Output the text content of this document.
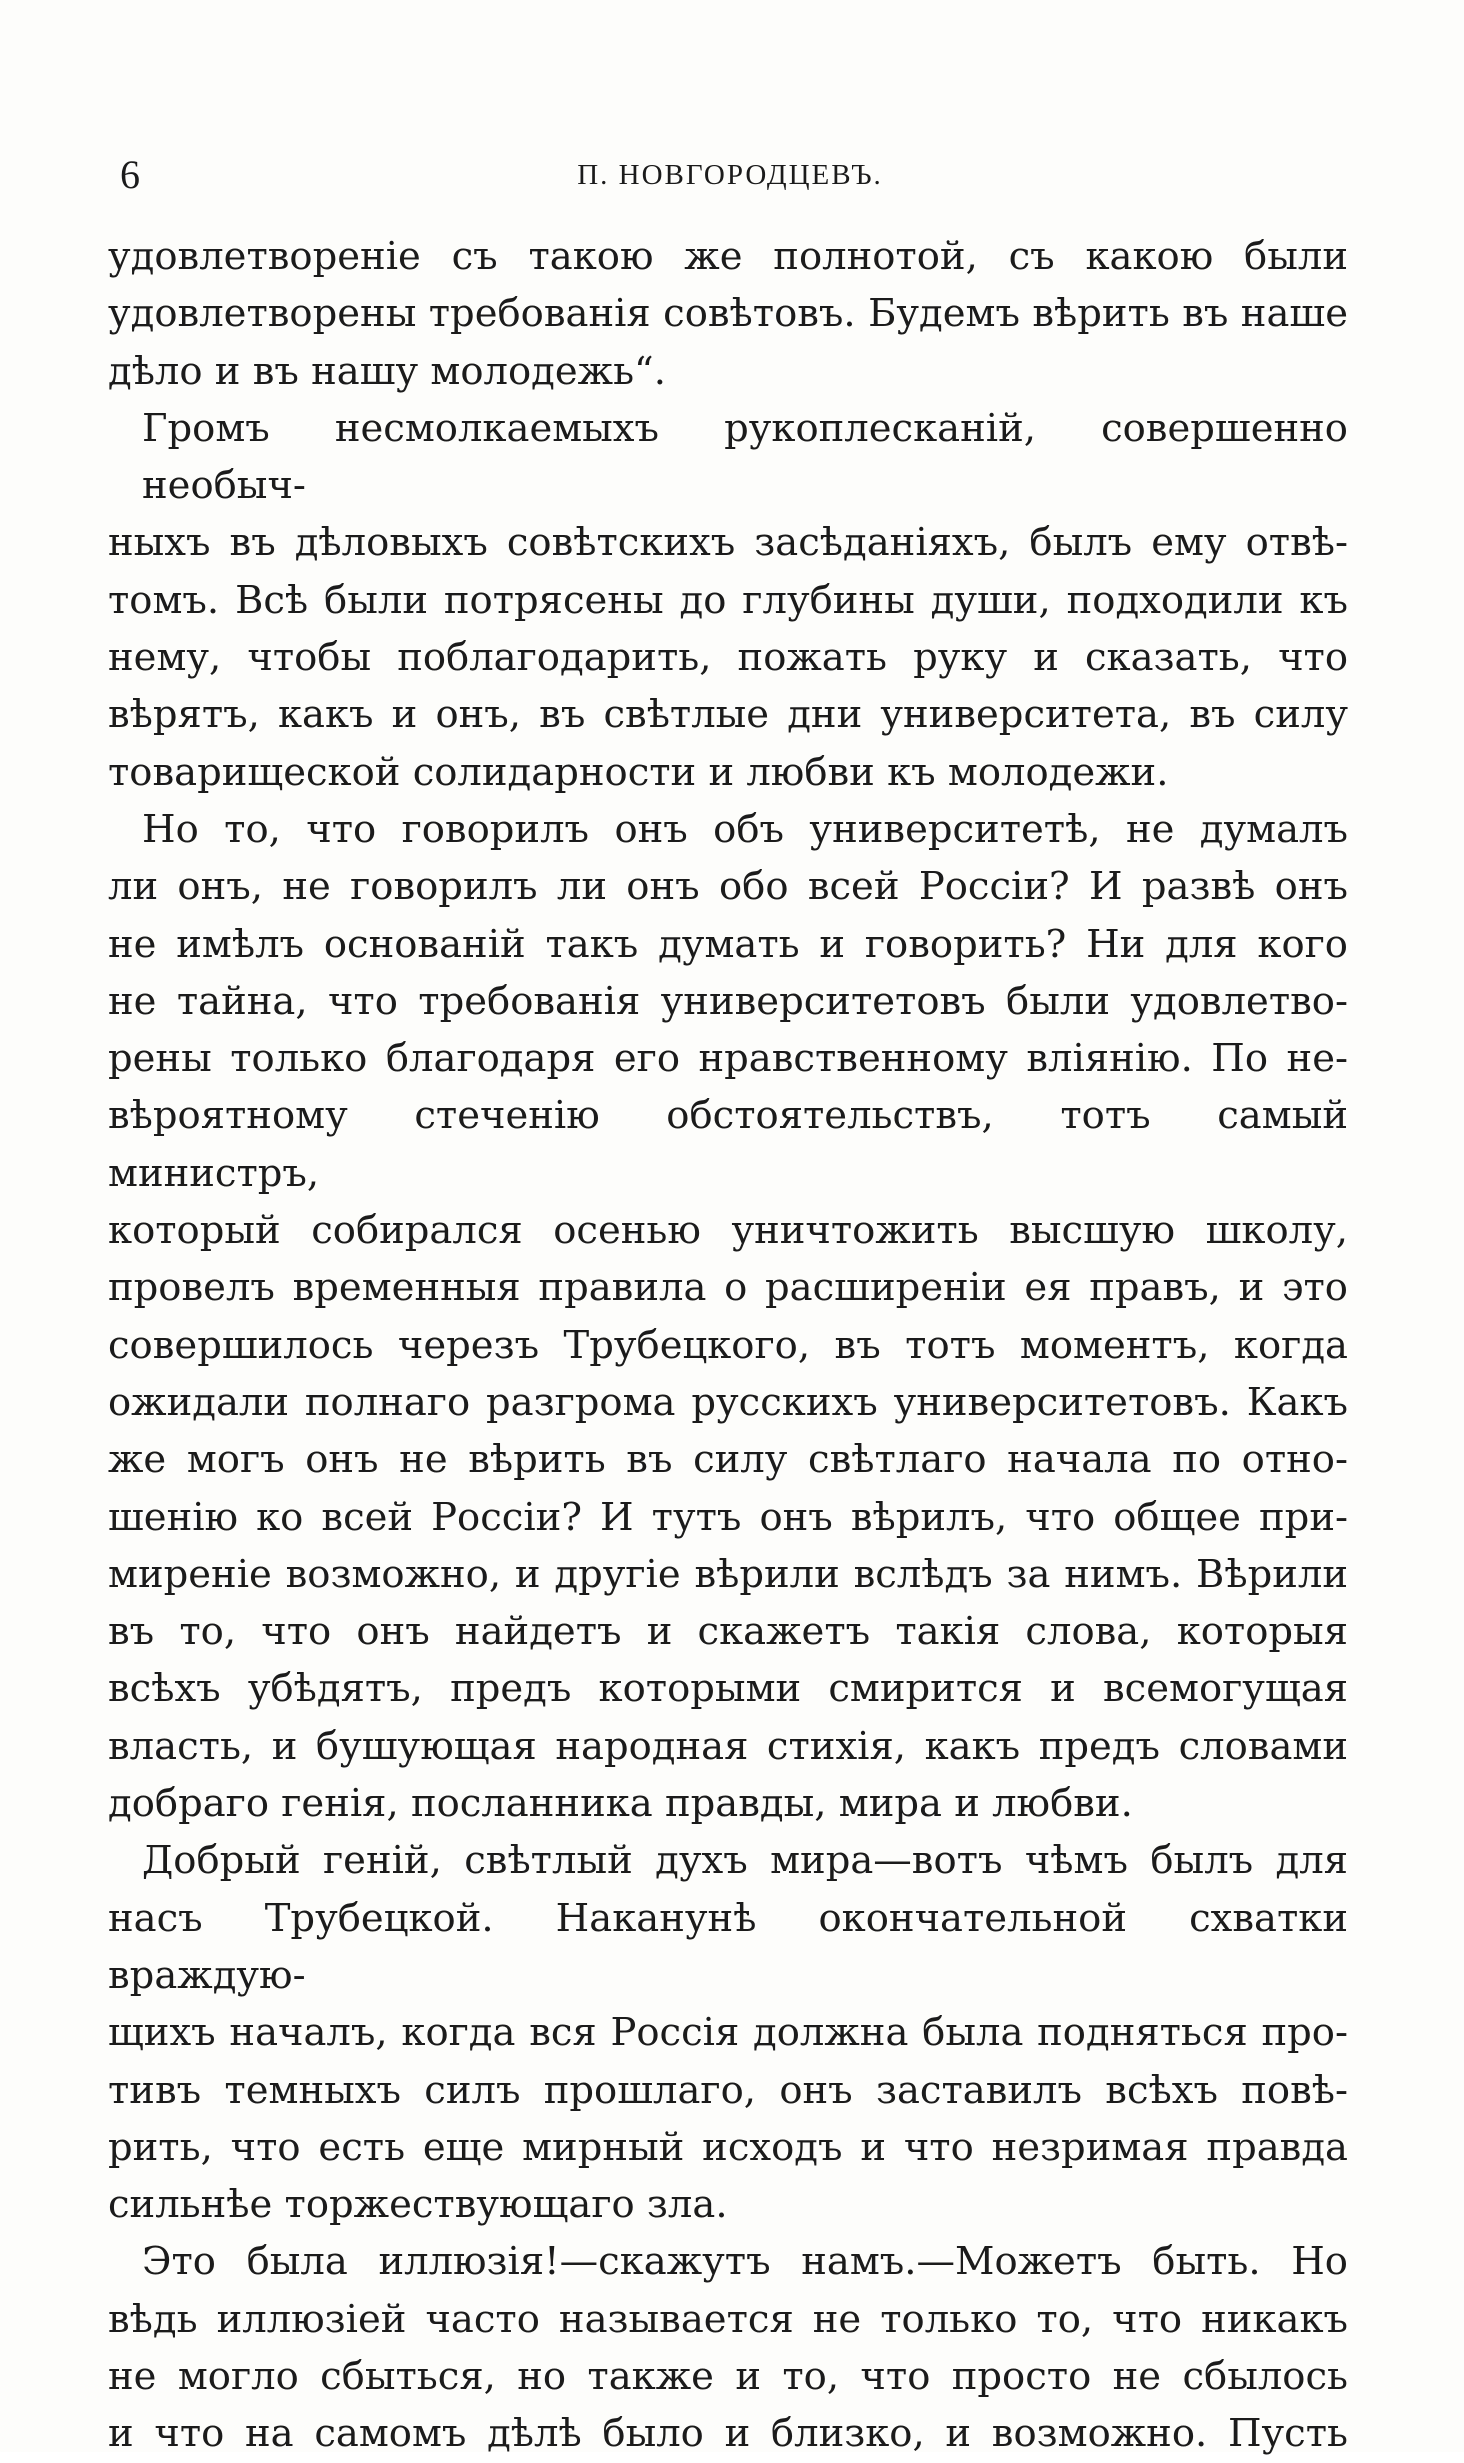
6	П. НОВГОРОДЦЕВЪ.

удовлетвореніе съ такою же полнотой, съ какою были
удовлетворены требованія совѣтовъ. Будемъ вѣрить въ наше
дѣло и въ нашу молодежь“.

Громъ несмолкаемыхъ рукоплесканій, совершенно необыч-
ныхъ въ дѣловыхъ совѣтскихъ засѣданіяхъ, былъ ему отвѣ-
томъ. Всѣ были потрясены до глубины души, подходили къ
нему, чтобы поблагодарить, пожать руку и сказать, что
вѣрятъ, какъ и онъ, въ свѣтлые дни университета, въ силу
товарищеской солидарности и любви къ молодежи.

Но то, что говорилъ онъ объ университетѣ, не думалъ
ли онъ, не говорилъ ли онъ обо всей Россіи? И развѣ онъ
не имѣлъ основаній такъ думать и говорить? Ни для кого
не тайна, что требованія университетовъ были удовлетво-
рены только благодаря его нравственному вліянію. По не-
вѣроятному стеченію обстоятельствъ, тотъ самый министръ,
который собирался осенью уничтожить высшую школу,
провелъ временныя правила о расширеніи ея правъ, и это
совершилось черезъ Трубецкого, въ тотъ моментъ, когда
ожидали полнаго разгрома русскихъ университетовъ. Какъ
же могъ онъ не вѣрить въ силу свѣтлаго начала по отно-
шенію ко всей Россіи? И тутъ онъ вѣрилъ, что общее при-
миреніе возможно, и другіе вѣрили вслѣдъ за нимъ. Вѣрили
въ то, что онъ найдетъ и скажетъ такія слова, которыя
всѣхъ убѣдятъ, предъ которыми смирится и всемогущая
власть, и бушующая народная стихія, какъ предъ словами
добраго генія, посланника правды, мира и любви.

Добрый геній, свѣтлый духъ мира—вотъ чѣмъ былъ для
насъ Трубецкой. Наканунѣ окончательной схватки враждую-
щихъ началъ, когда вся Россія должна была подняться про-
тивъ темныхъ силъ прошлаго, онъ заставилъ всѣхъ повѣ-
рить, что есть еще мирный исходъ и что незримая правда
сильнѣе торжествующаго зла.

Это была иллюзія!—скажутъ намъ.—Можетъ быть. Но
вѣдь иллюзіей часто называется не только то, что никакъ
не могло сбыться, но также и то, что просто не сбылось
и что на самомъ дѣлѣ было и близко, и возможно. Пусть
